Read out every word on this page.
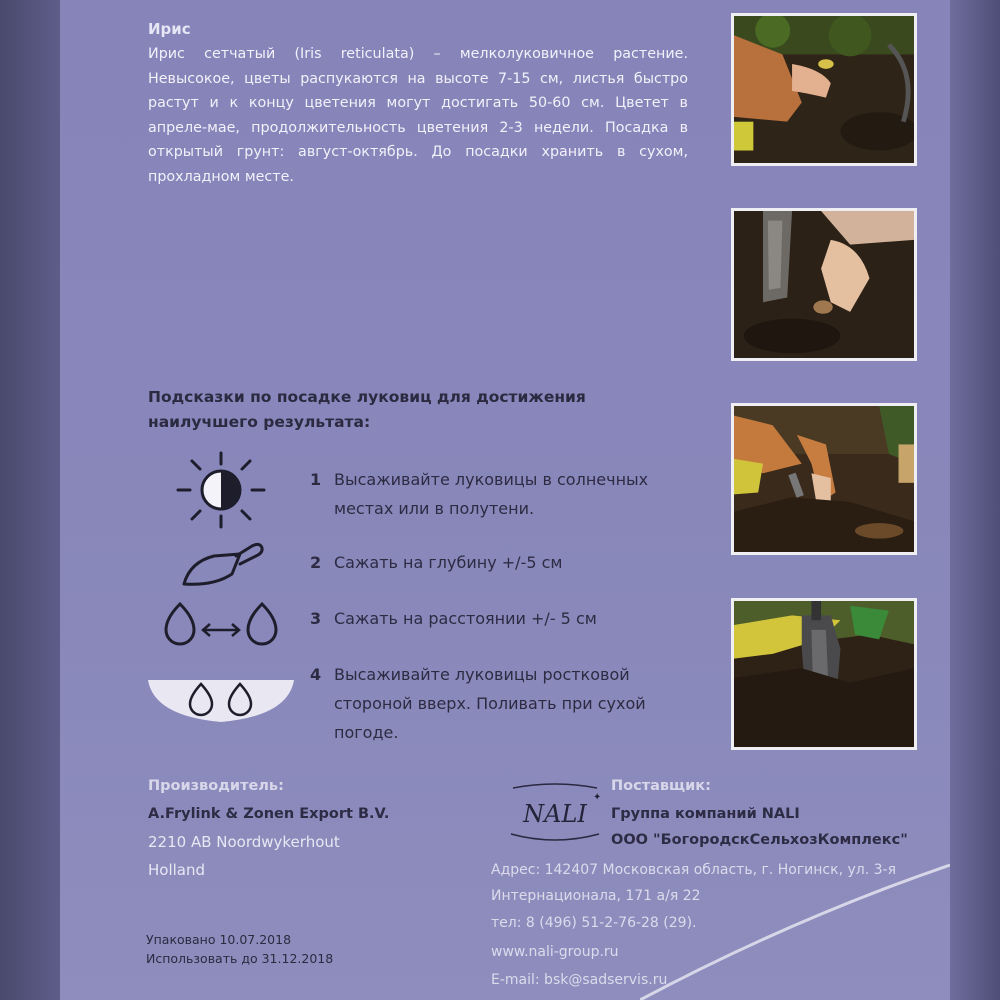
Ирис
Ирис сетчатый (Iris reticulata) – мелколуковичное растение. Невысокое, цветы распукаются на высоте 7-15 см, листья быстро растут и к концу цветения могут достигать 50-60 см. Цветет в апреле-мае, продолжительность цветения 2-3 недели. Посадка в открытый грунт: август-октябрь. До посадки хранить в сухом, прохладном месте.
Подсказки по посадке луковиц для достижения
наилучшего результата:
1 Высаживайте луковицы в солнечных
местах или в полутени.
2 Сажать на глубину +/-5 см
3 Сажать на расстоянии +/- 5 см
4 Высаживайте луковицы ростковой
стороной вверх. Поливать при сухой
погоде.
Производитель:
A.Frylink & Zonen Export B.V.
2210 AB Noordwykerhout
Holland
Упаковано 10.07.2018
Использовать до 31.12.2018
Поставщик:
NALI
✦
Группа компаний NALI
ООО "БогородскСельхозКомплекс"
Адрес: 142407 Московская область, г. Ногинск, ул. 3-я
Интернационала, 171 а/я 22
тел: 8 (496) 51-2-76-28 (29).
www.nali-group.ru
E-mail: bsk@sadservis.ru
